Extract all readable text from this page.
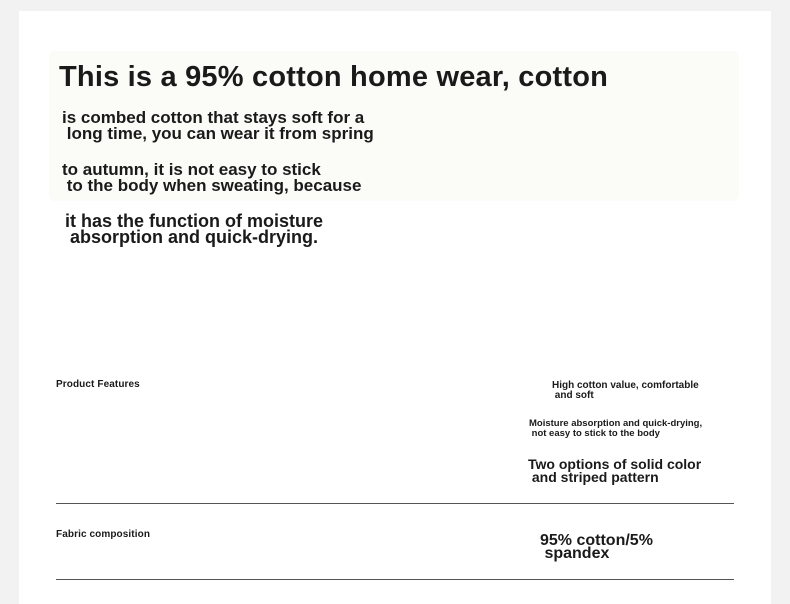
This is a 95% cotton home wear, cotton
is combed cotton that stays soft for a
long time, you can wear it from spring
to autumn, it is not easy to stick
to the body when sweating, because
it has the function of moisture
absorption and quick-drying.
Product Features	High cotton value, comfortable
and soft
Moisture absorption and quick-drying,
not easy to stick to the body
Two options of solid color
and striped pattern
Fabric composition	95% cotton/5%
spandex
